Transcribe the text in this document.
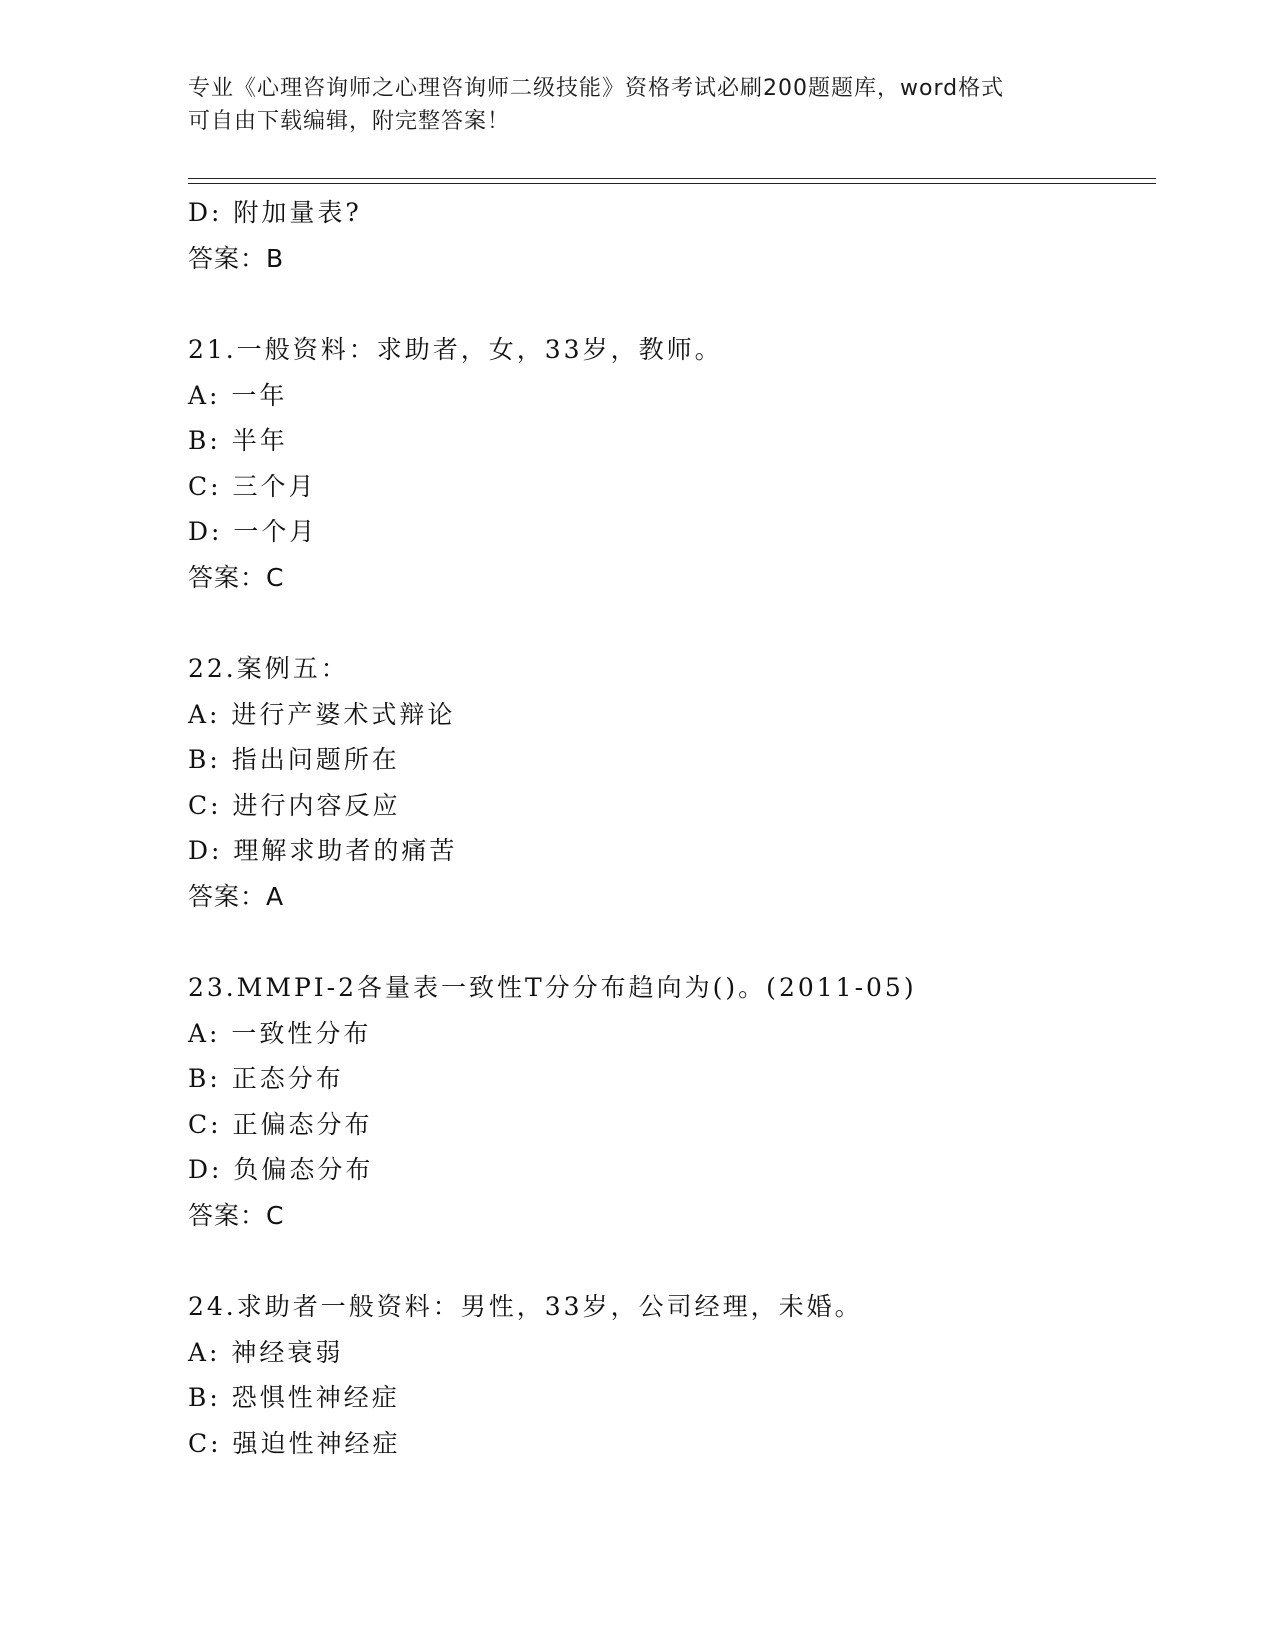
专业《心理咨询师之心理咨询师二级技能》资格考试必刷200题题库，word格式
可自由下载编辑，附完整答案！
D: 附加量表?
答案：B
21.一般资料：求助者，女，33岁，教师。
A: 一年
B: 半年
C: 三个月
D: 一个月
答案：C
22.案例五：
A: 进行产婆术式辩论
B: 指出问题所在
C: 进行内容反应
D: 理解求助者的痛苦
答案：A
23.MMPI-2各量表一致性T分分布趋向为()。(2011-05)
A: 一致性分布
B: 正态分布
C: 正偏态分布
D: 负偏态分布
答案：C
24.求助者一般资料：男性，33岁，公司经理，未婚。
A: 神经衰弱
B: 恐惧性神经症
C: 强迫性神经症
